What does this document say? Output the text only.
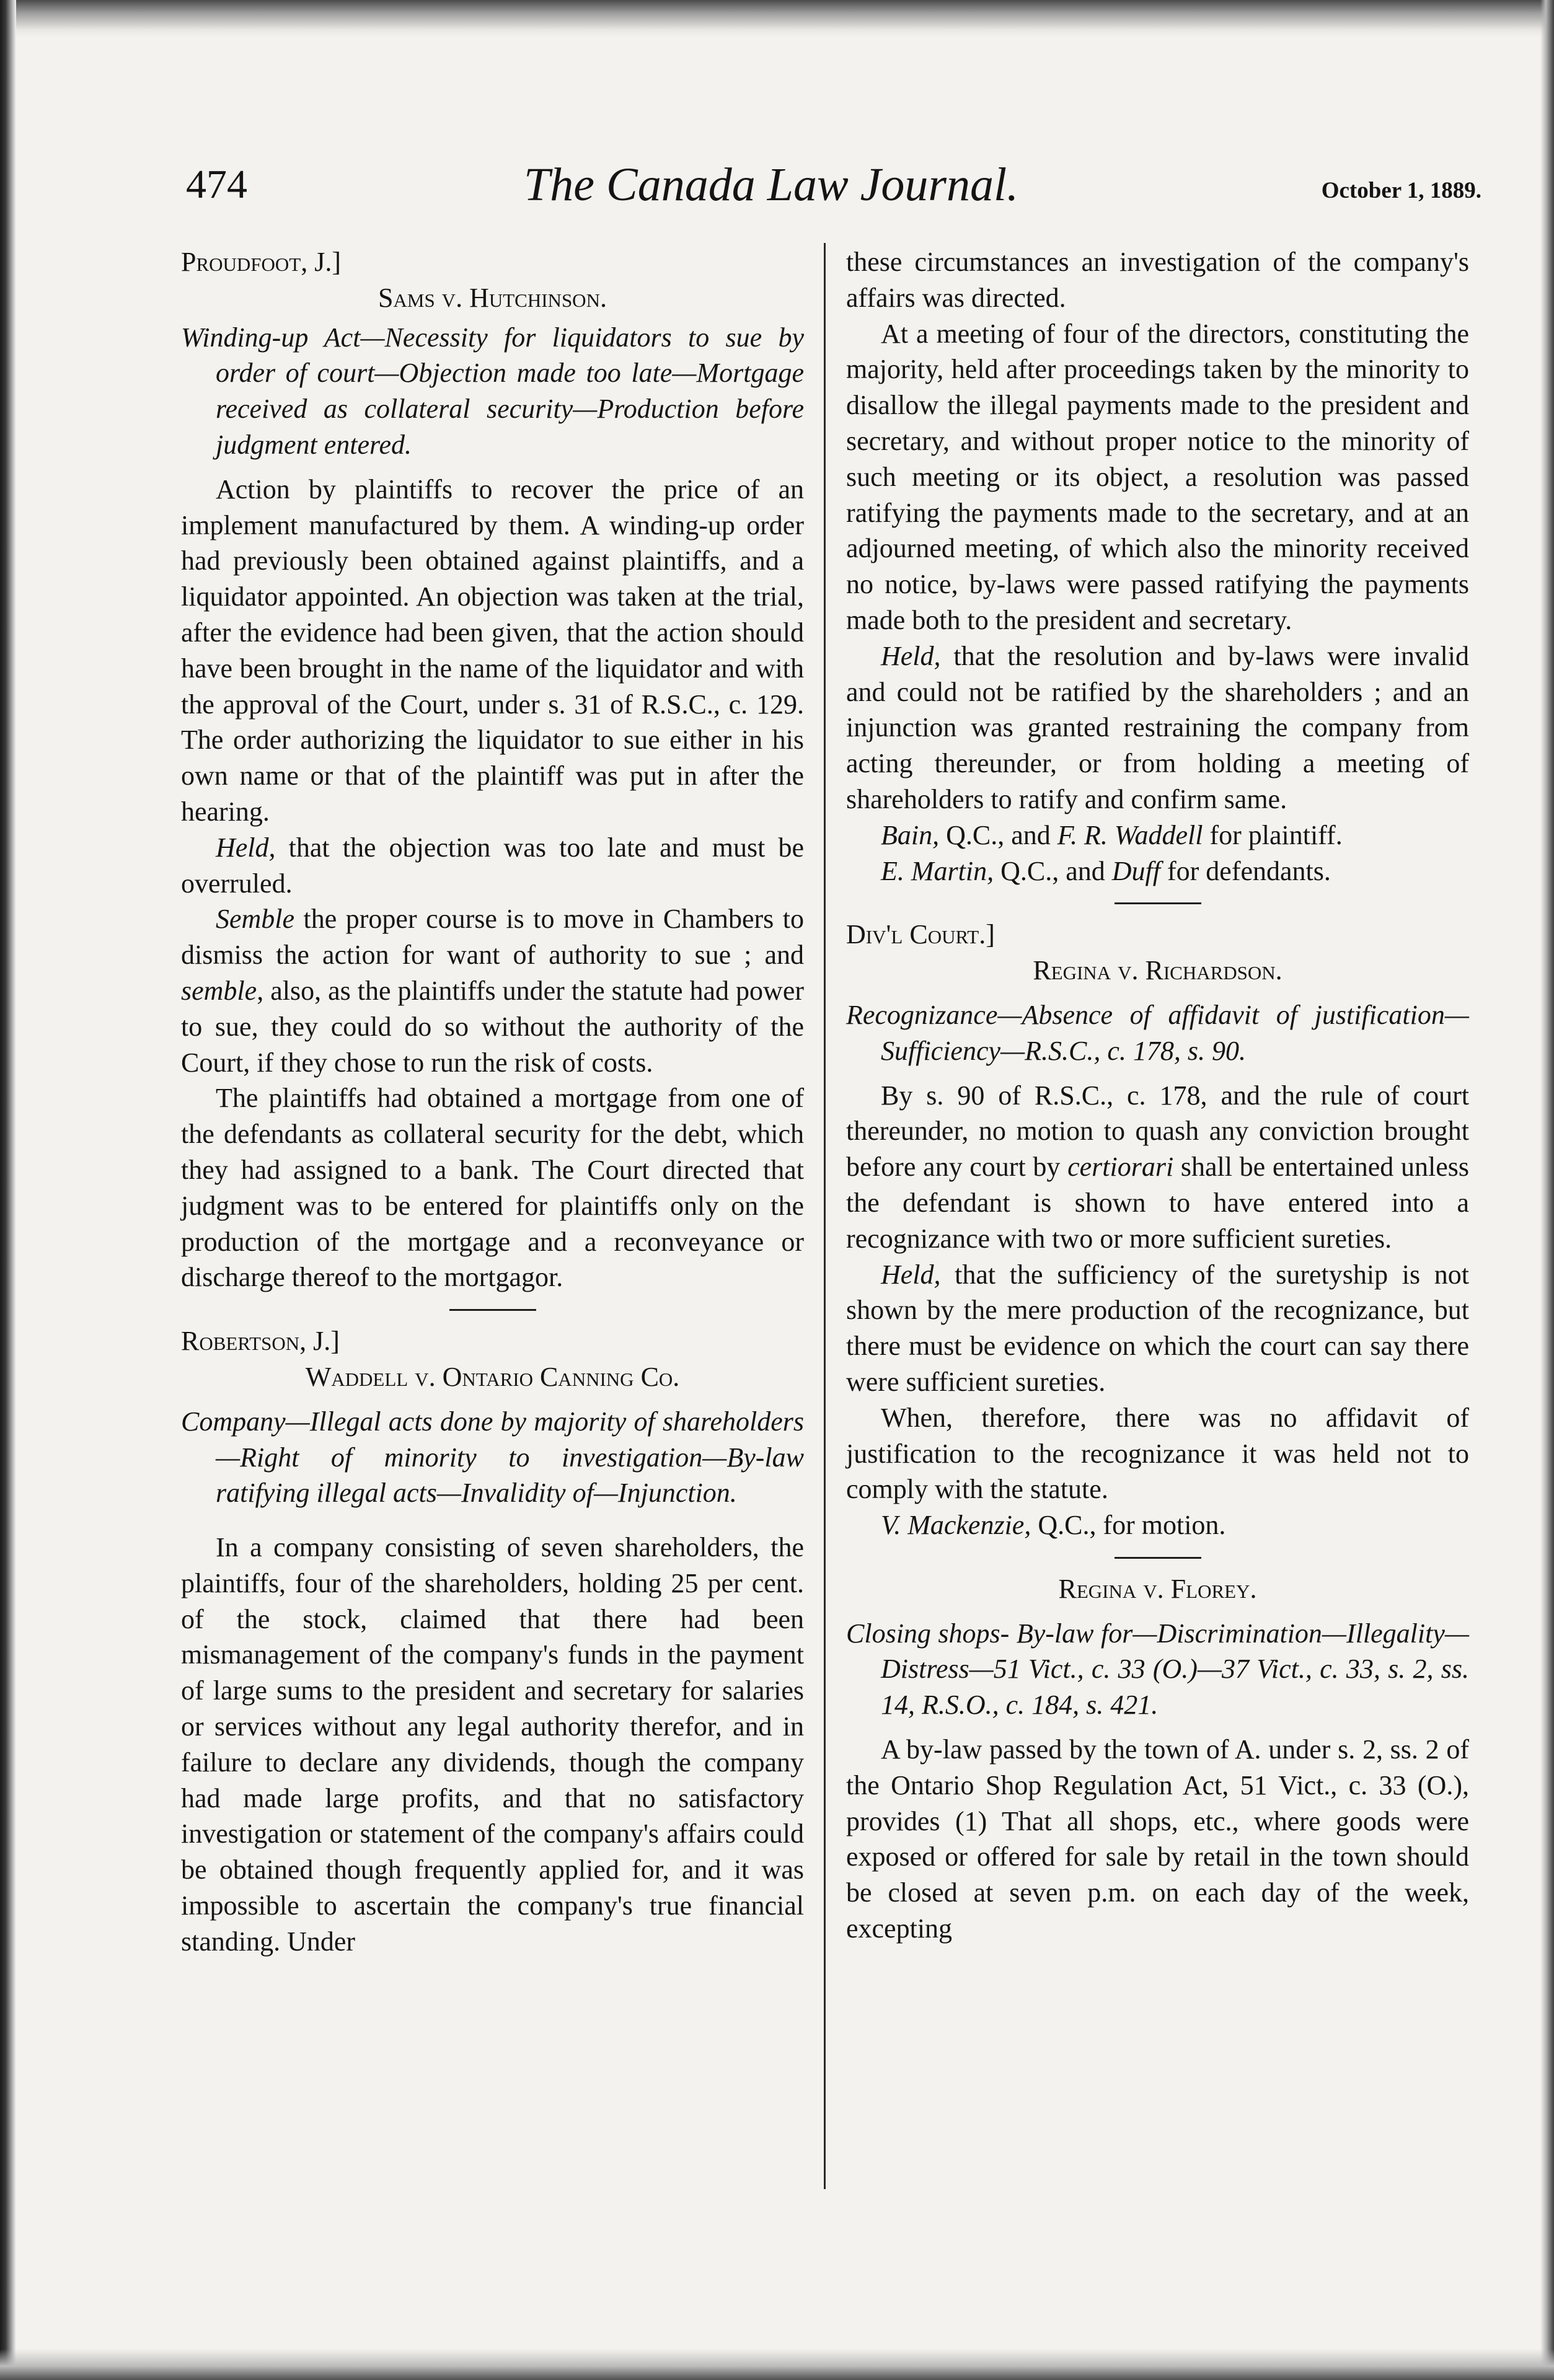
474	The Canada Law Journal.	October 1, 1889.

Proudfoot, J.]

Sams v. Hutchinson.

Winding-up Act—Necessity for liquidators to sue by order of court—Objection made too late—Mortgage received as collateral security—Production before judgment entered.

Action by plaintiffs to recover the price of an implement manufactured by them. A winding-up order had previously been obtained against plaintiffs, and a liquidator appointed. An objection was taken at the trial, after the evidence had been given, that the action should have been brought in the name of the liquidator and with the approval of the Court, under s. 31 of R.S.C., c. 129. The order authorizing the liquidator to sue either in his own name or that of the plaintiff was put in after the hearing.

Held, that the objection was too late and must be overruled.

Semble the proper course is to move in Chambers to dismiss the action for want of authority to sue ; and semble, also, as the plaintiffs under the statute had power to sue, they could do so without the authority of the Court, if they chose to run the risk of costs.

The plaintiffs had obtained a mortgage from one of the defendants as collateral security for the debt, which they had assigned to a bank. The Court directed that judgment was to be entered for plaintiffs only on the production of the mortgage and a reconveyance or discharge thereof to the mortgagor.

Robertson, J.]

Waddell v. Ontario Canning Co.

Company—Illegal acts done by majority of shareholders—Right of minority to investigation—By-law ratifying illegal acts—Invalidity of—Injunction.

In a company consisting of seven shareholders, the plaintiffs, four of the shareholders, holding 25 per cent. of the stock, claimed that there had been mismanagement of the company's funds in the payment of large sums to the president and secretary for salaries or services without any legal authority therefor, and in failure to declare any dividends, though the company had made large profits, and that no satisfactory investigation or statement of the company's affairs could be obtained though frequently applied for, and it was impossible to ascertain the company's true financial standing. Under

these circumstances an investigation of the company's affairs was directed.

At a meeting of four of the directors, constituting the majority, held after proceedings taken by the minority to disallow the illegal payments made to the president and secretary, and without proper notice to the minority of such meeting or its object, a resolution was passed ratifying the payments made to the secretary, and at an adjourned meeting, of which also the minority received no notice, by-laws were passed ratifying the payments made both to the president and secretary.

Held, that the resolution and by-laws were invalid and could not be ratified by the shareholders ; and an injunction was granted restraining the company from acting thereunder, or from holding a meeting of shareholders to ratify and confirm same.

Bain, Q.C., and F. R. Waddell for plaintiff.

E. Martin, Q.C., and Duff for defendants.

Div'l Court.]

Regina v. Richardson.

Recognizance—Absence of affidavit of justification—Sufficiency—R.S.C., c. 178, s. 90.

By s. 90 of R.S.C., c. 178, and the rule of court thereunder, no motion to quash any conviction brought before any court by certiorari shall be entertained unless the defendant is shown to have entered into a recognizance with two or more sufficient sureties.

Held, that the sufficiency of the suretyship is not shown by the mere production of the recognizance, but there must be evidence on which the court can say there were sufficient sureties.

When, therefore, there was no affidavit of justification to the recognizance it was held not to comply with the statute.

V. Mackenzie, Q.C., for motion.

Regina v. Florey.

Closing shops- By-law for—Discrimination—Illegality—Distress—51 Vict., c. 33 (O.)—37 Vict., c. 33, s. 2, ss. 14, R.S.O., c. 184, s. 421.

A by-law passed by the town of A. under s. 2, ss. 2 of the Ontario Shop Regulation Act, 51 Vict., c. 33 (O.), provides (1) That all shops, etc., where goods were exposed or offered for sale by retail in the town should be closed at seven p.m. on each day of the week, excepting
